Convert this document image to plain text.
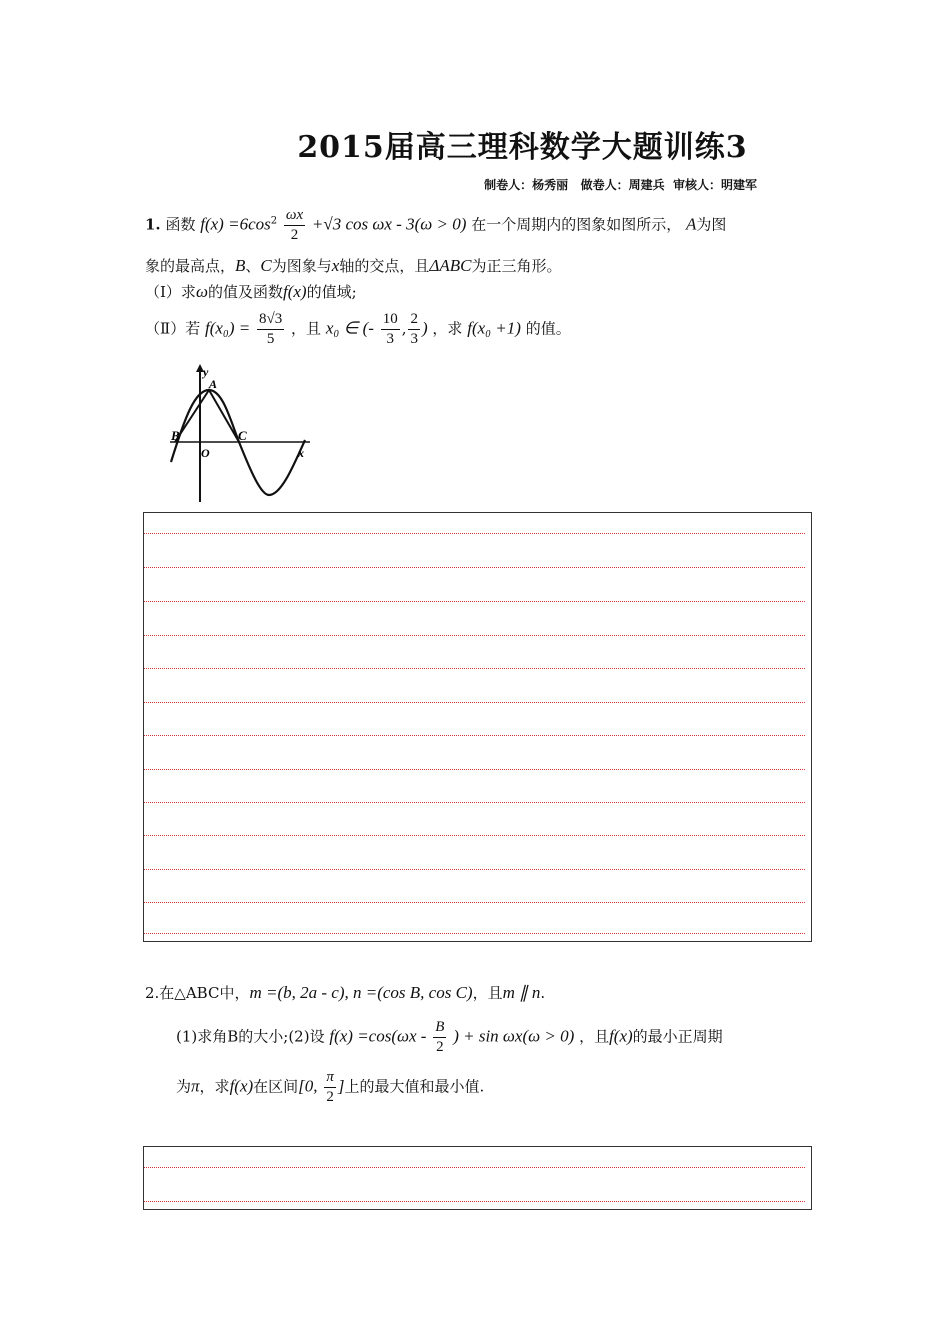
2015届高三理科数学大题训练3
制卷人：杨秀丽   做卷人：周建兵  审核人：明建军
1. 函数 $f(x) =6\cos^2 \frac{\omega x}{2} +√3$ cos ωx - 3(ω > 0) 在一个周期内的图象如图所示， A为图
象的最高点，B、C为图象与x轴的交点，且ΔABC为正三角形。
（Ⅰ）求ω的值及函数f(x)的值域;
（Ⅱ）若 $f(x_0) = \frac{8√3}{5}$ ，且 x₀ ∈ (- $\frac{10}{3}$ , $\frac{2}{3}$ ) ，求 f(x₀ +1) 的值。
y
A
B	C
O	x
2.在△ABC中，m =(b, 2a - c), n =(cos B, cos C)，且m ∥ n.
(1)求角B的大小;(2)设 $f(x) =\cos(\omega x - \frac{B}{2}$ ) + sin ωx(ω > 0) ，且f(x)的最小正周期
为π，求f(x)在区间[0, $\frac{\pi}{2}$ ]上的最大值和最小值.
